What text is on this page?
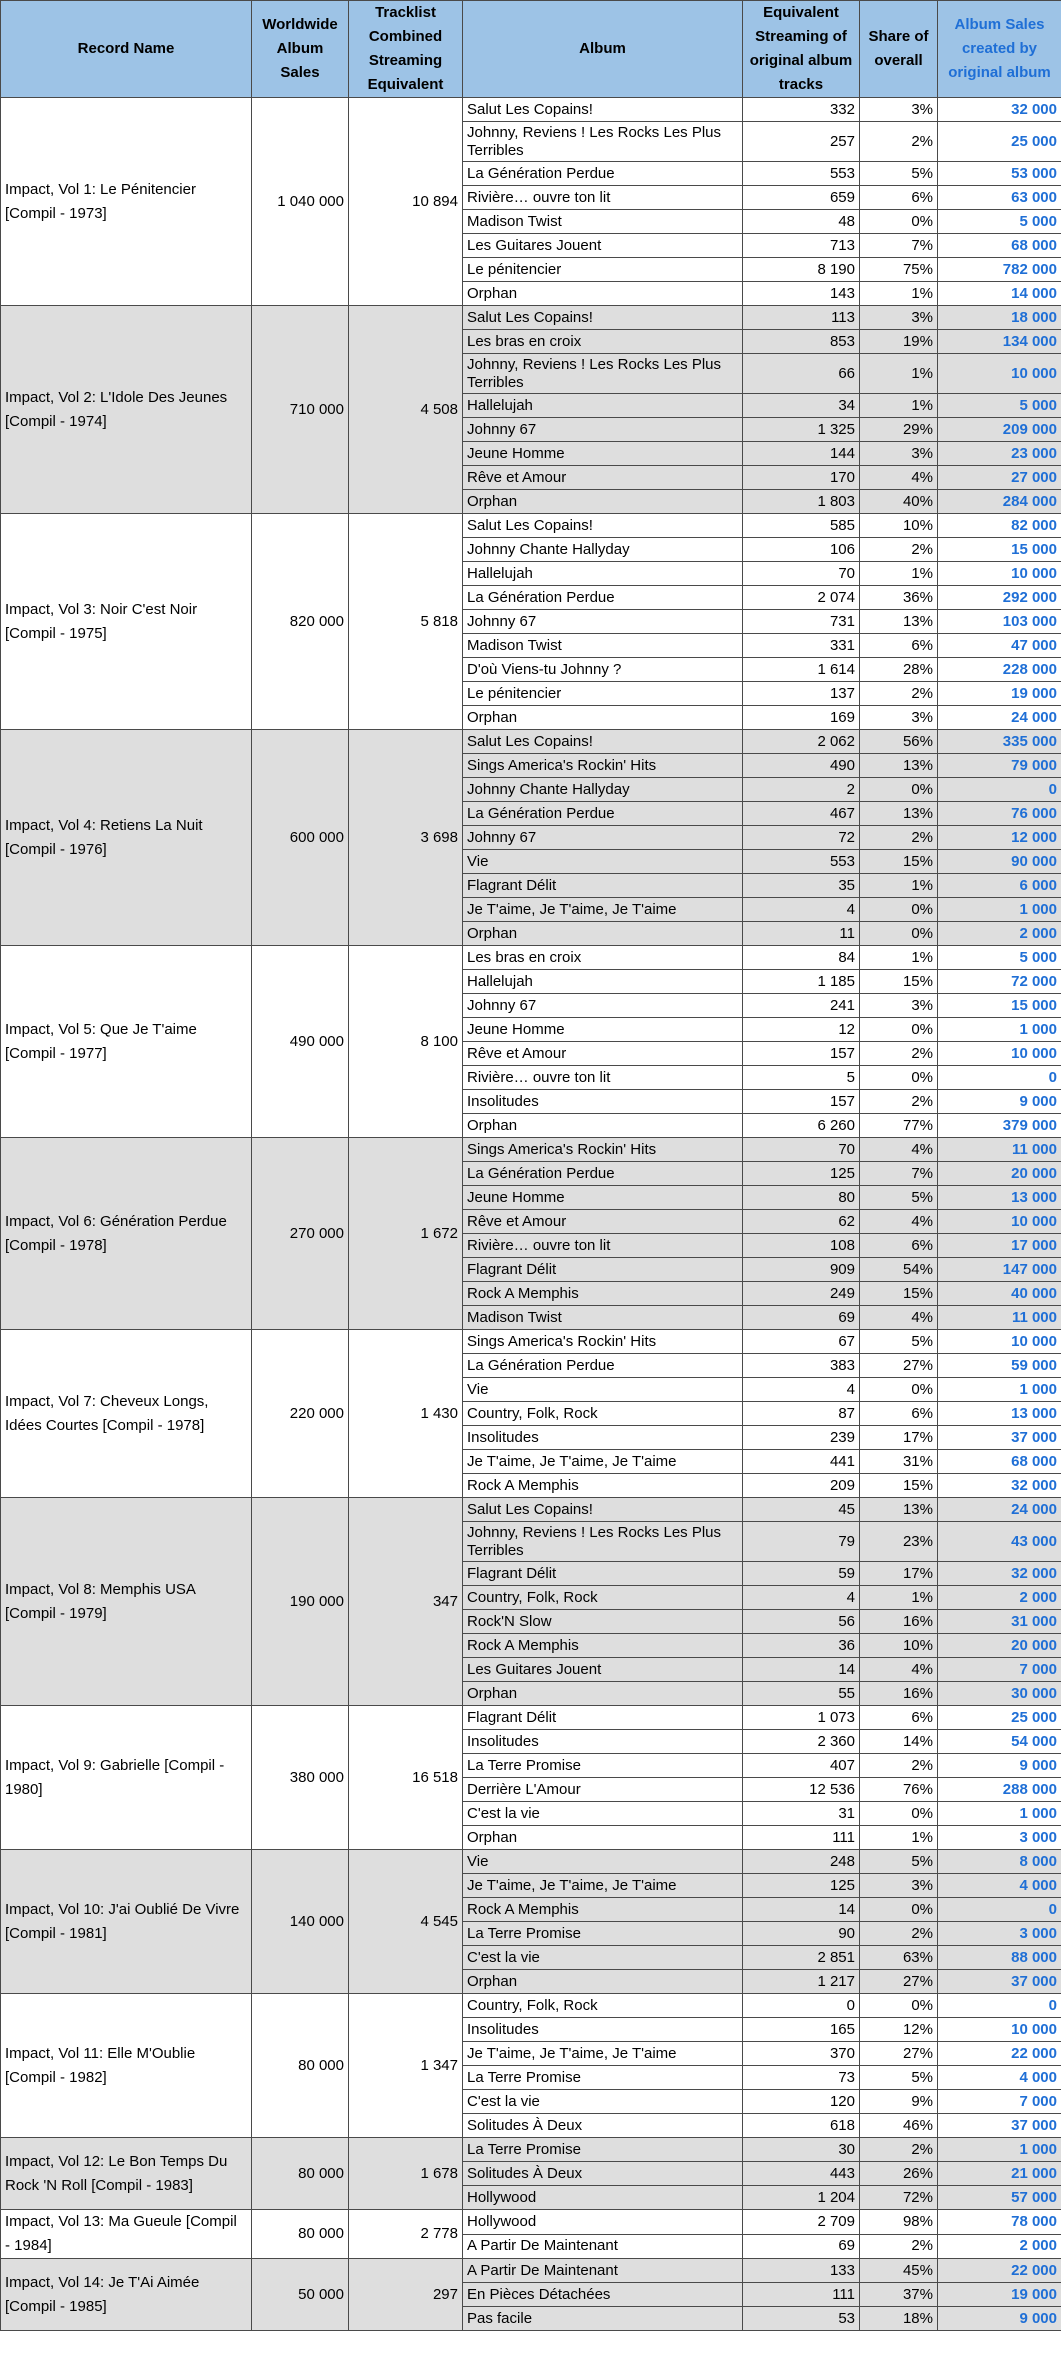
Record Name	Worldwide Album Sales	Tracklist Combined Streaming Equivalent	Album	Equivalent Streaming of original album tracks	Share of overall	Album Sales created by original album
Impact, Vol 1: Le Pénitencier [Compil - 1973]	1 040 000	10 894	Salut Les Copains!	332	3%	32 000
			Johnny, Reviens ! Les Rocks Les Plus Terribles	257	2%	25 000
			La Génération Perdue	553	5%	53 000
			Rivière… ouvre ton lit	659	6%	63 000
			Madison Twist	48	0%	5 000
			Les Guitares Jouent	713	7%	68 000
			Le pénitencier	8 190	75%	782 000
			Orphan	143	1%	14 000
Impact, Vol 2: L'Idole Des Jeunes [Compil - 1974]	710 000	4 508	Salut Les Copains!	113	3%	18 000
			Les bras en croix	853	19%	134 000
			Johnny, Reviens ! Les Rocks Les Plus Terribles	66	1%	10 000
			Hallelujah	34	1%	5 000
			Johnny 67	1 325	29%	209 000
			Jeune Homme	144	3%	23 000
			Rêve et Amour	170	4%	27 000
			Orphan	1 803	40%	284 000
Impact, Vol 3: Noir C'est Noir [Compil - 1975]	820 000	5 818	Salut Les Copains!	585	10%	82 000
			Johnny Chante Hallyday	106	2%	15 000
			Hallelujah	70	1%	10 000
			La Génération Perdue	2 074	36%	292 000
			Johnny 67	731	13%	103 000
			Madison Twist	331	6%	47 000
			D'où Viens-tu Johnny ?	1 614	28%	228 000
			Le pénitencier	137	2%	19 000
			Orphan	169	3%	24 000
Impact, Vol 4: Retiens La Nuit [Compil - 1976]	600 000	3 698	Salut Les Copains!	2 062	56%	335 000
			Sings America's Rockin' Hits	490	13%	79 000
			Johnny Chante Hallyday	2	0%	0
			La Génération Perdue	467	13%	76 000
			Johnny 67	72	2%	12 000
			Vie	553	15%	90 000
			Flagrant Délit	35	1%	6 000
			Je T'aime, Je T'aime, Je T'aime	4	0%	1 000
			Orphan	11	0%	2 000
Impact, Vol 5: Que Je T'aime [Compil - 1977]	490 000	8 100	Les bras en croix	84	1%	5 000
			Hallelujah	1 185	15%	72 000
			Johnny 67	241	3%	15 000
			Jeune Homme	12	0%	1 000
			Rêve et Amour	157	2%	10 000
			Rivière… ouvre ton lit	5	0%	0
			Insolitudes	157	2%	9 000
			Orphan	6 260	77%	379 000
Impact, Vol 6: Génération Perdue [Compil - 1978]	270 000	1 672	Sings America's Rockin' Hits	70	4%	11 000
			La Génération Perdue	125	7%	20 000
			Jeune Homme	80	5%	13 000
			Rêve et Amour	62	4%	10 000
			Rivière… ouvre ton lit	108	6%	17 000
			Flagrant Délit	909	54%	147 000
			Rock A Memphis	249	15%	40 000
			Madison Twist	69	4%	11 000
Impact, Vol 7: Cheveux Longs, Idées Courtes [Compil - 1978]	220 000	1 430	Sings America's Rockin' Hits	67	5%	10 000
			La Génération Perdue	383	27%	59 000
			Vie	4	0%	1 000
			Country, Folk, Rock	87	6%	13 000
			Insolitudes	239	17%	37 000
			Je T'aime, Je T'aime, Je T'aime	441	31%	68 000
			Rock A Memphis	209	15%	32 000
Impact, Vol 8: Memphis USA [Compil - 1979]	190 000	347	Salut Les Copains!	45	13%	24 000
			Johnny, Reviens ! Les Rocks Les Plus Terribles	79	23%	43 000
			Flagrant Délit	59	17%	32 000
			Country, Folk, Rock	4	1%	2 000
			Rock'N Slow	56	16%	31 000
			Rock A Memphis	36	10%	20 000
			Les Guitares Jouent	14	4%	7 000
			Orphan	55	16%	30 000
Impact, Vol 9: Gabrielle [Compil - 1980]	380 000	16 518	Flagrant Délit	1 073	6%	25 000
			Insolitudes	2 360	14%	54 000
			La Terre Promise	407	2%	9 000
			Derrière L'Amour	12 536	76%	288 000
			C'est la vie	31	0%	1 000
			Orphan	111	1%	3 000
Impact, Vol 10: J'ai Oublié De Vivre [Compil - 1981]	140 000	4 545	Vie	248	5%	8 000
			Je T'aime, Je T'aime, Je T'aime	125	3%	4 000
			Rock A Memphis	14	0%	0
			La Terre Promise	90	2%	3 000
			C'est la vie	2 851	63%	88 000
			Orphan	1 217	27%	37 000
Impact, Vol 11: Elle M'Oublie [Compil - 1982]	80 000	1 347	Country, Folk, Rock	0	0%	0
			Insolitudes	165	12%	10 000
			Je T'aime, Je T'aime, Je T'aime	370	27%	22 000
			La Terre Promise	73	5%	4 000
			C'est la vie	120	9%	7 000
			Solitudes À Deux	618	46%	37 000
Impact, Vol 12: Le Bon Temps Du Rock 'N Roll [Compil - 1983]	80 000	1 678	La Terre Promise	30	2%	1 000
			Solitudes À Deux	443	26%	21 000
			Hollywood	1 204	72%	57 000
Impact, Vol 13: Ma Gueule [Compil - 1984]	80 000	2 778	Hollywood	2 709	98%	78 000
			A Partir De Maintenant	69	2%	2 000
Impact, Vol 14: Je T'Ai Aimée [Compil - 1985]	50 000	297	A Partir De Maintenant	133	45%	22 000
			En Pièces Détachées	111	37%	19 000
			Pas facile	53	18%	9 000
